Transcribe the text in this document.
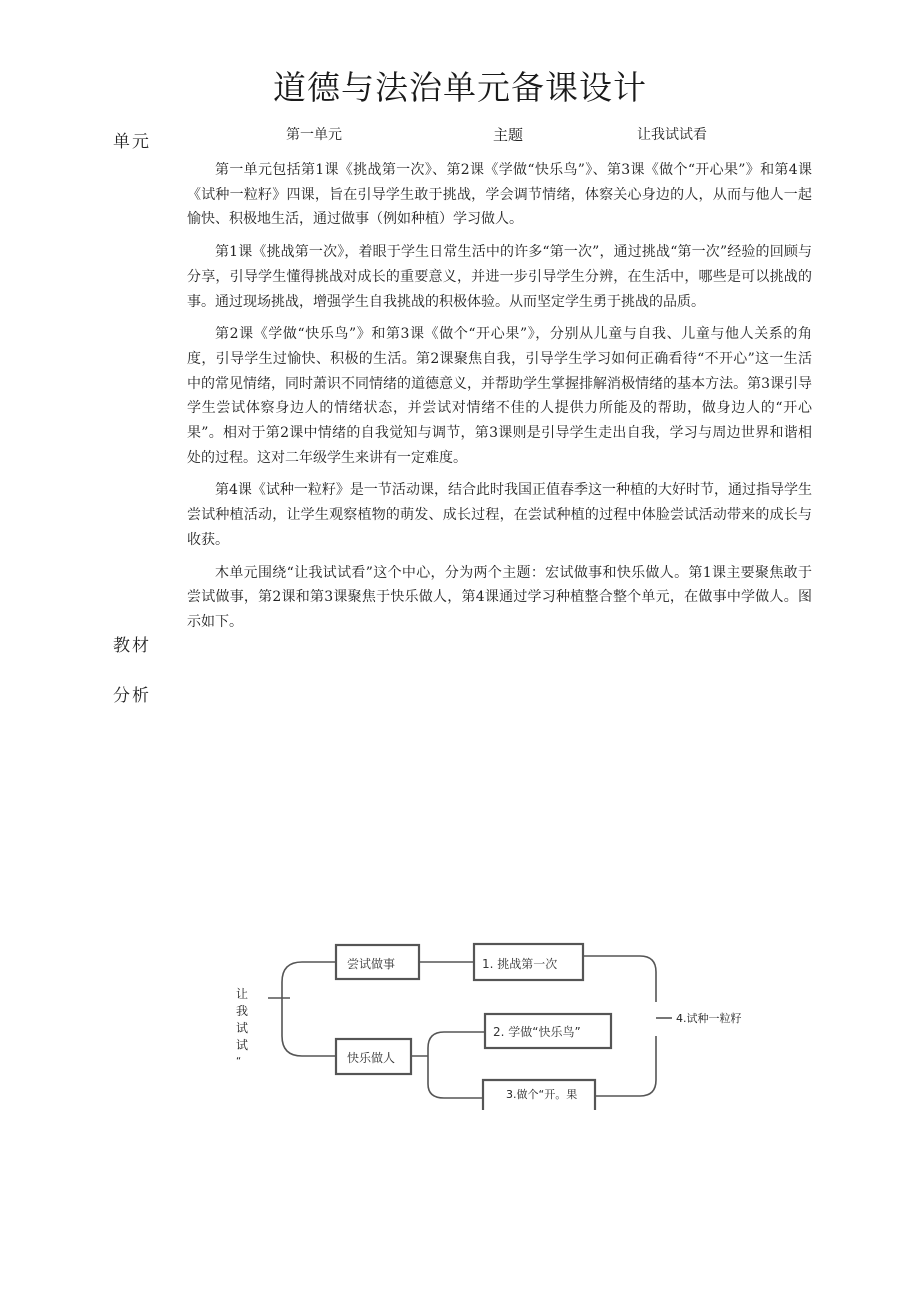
道德与法治单元备课设计
单元	第一单元	主题	让我试试看
教材
分析

第一单元包括第1课《挑战第一次》、第2课《学做“快乐鸟”》、第3课《做个“开心果”》和第4课《试种一粒籽》四课，旨在引导学生敢于挑战，学会调节情绪，体察关心身边的人，从而与他人一起愉快、积极地生活，通过做事（例如种植）学习做人。

第1课《挑战第一次》，着眼于学生日常生活中的许多“第一次”，通过挑战“第一次”经验的回顾与分享，引导学生懂得挑战对成长的重要意义，并进一步引导学生分辨，在生活中，哪些是可以挑战的事。通过现场挑战，增强学生自我挑战的积极体验。从而坚定学生勇于挑战的品质。

第2课《学做“快乐鸟”》和第3课《做个“开心果”》，分别从儿童与自我、儿童与他人关系的角度，引导学生过愉快、积极的生活。第2课聚焦自我，引导学生学习如何正确看待“不开心”这一生活中的常见情绪，同时萧识不同情绪的道德意义，并帮助学生掌握排解消极情绪的基本方法。第3课引导学生尝试体察身边人的情绪状态，并尝试对情绪不佳的人提供力所能及的帮助，做身边人的“开心果”。相对于第2课中情绪的自我觉知与调节，第3课则是引导学生走出自我，学习与周边世界和谐相处的过程。这对二年级学生来讲有一定难度。

第4课《试种一粒籽》是一节活动课，结合此时我国正值春季这一种植的大好时节，通过指导学生尝试种植活动，让学生观察植物的萌发、成长过程，在尝试种植的过程中体脸尝试活动带来的成长与收获。

木单元围绕“让我试试看”这个中心，分为两个主题：宏试做事和快乐做人。第1课主要聚焦敢于尝试做事，第2课和第3课聚焦于快乐做人，第4课通过学习种植整合整个单元，在做事中学做人。图示如下。

让
我
试
试
“
尝试做事
快乐做人
1. 挑战第一次
2. 学做“快乐鸟”
3.做个“开。果
4.试种一粒籽
